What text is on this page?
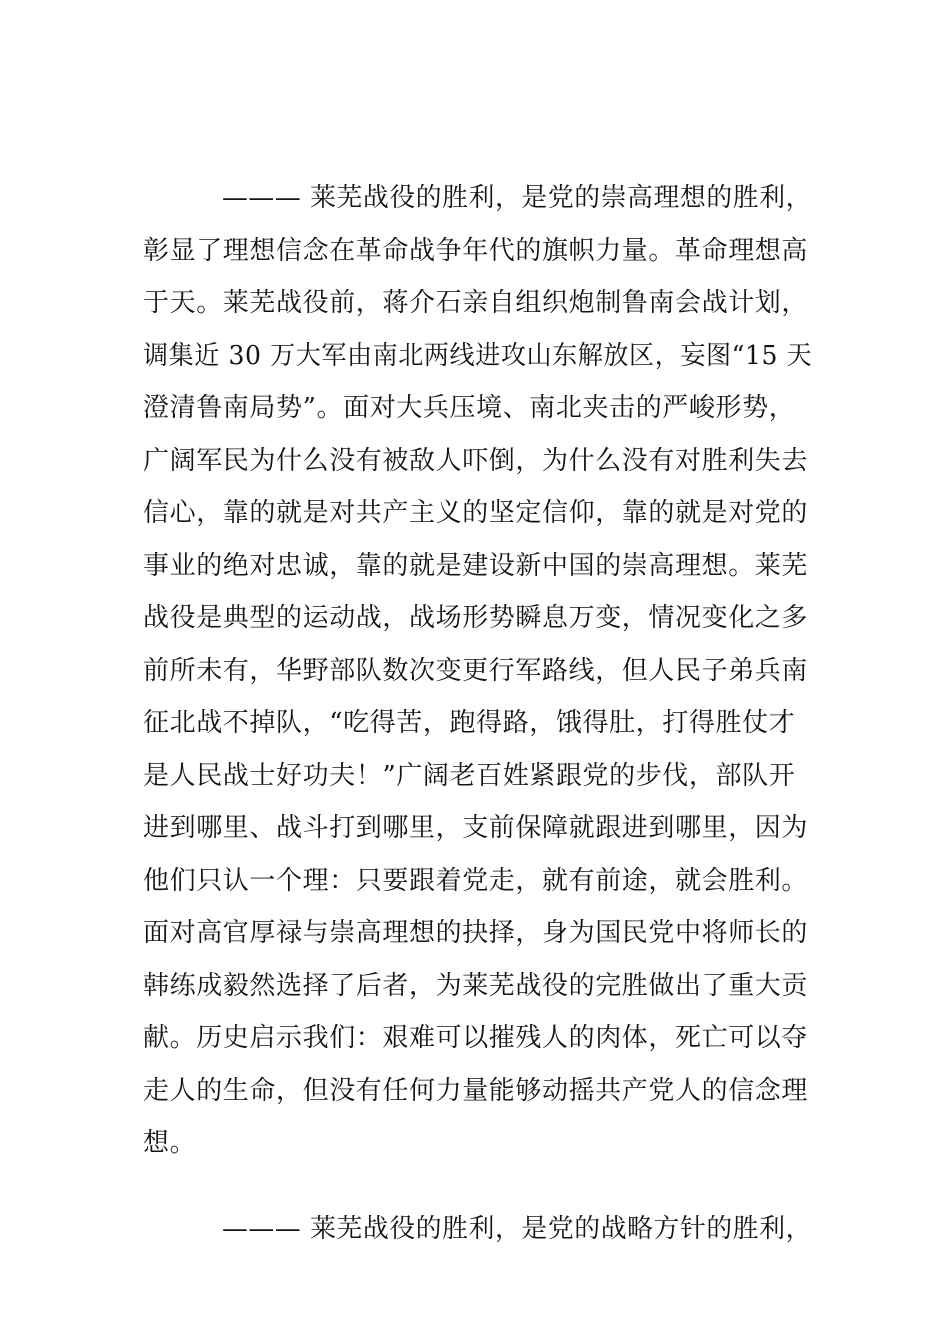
——— 莱芜战役的胜利，是党的崇高理想的胜利，
彰显了理想信念在革命战争年代的旗帜力量。革命理想高
于天。莱芜战役前，蒋介石亲自组织炮制鲁南会战计划，
调集近 30 万大军由南北两线进攻山东解放区，妄图“15 天
澄清鲁南局势”。面对大兵压境、南北夹击的严峻形势，
广阔军民为什么没有被敌人吓倒，为什么没有对胜利失去
信心，靠的就是对共产主义的坚定信仰，靠的就是对党的
事业的绝对忠诚，靠的就是建设新中国的崇高理想。莱芜
战役是典型的运动战，战场形势瞬息万变，情况变化之多
前所未有，华野部队数次变更行军路线，但人民子弟兵南
征北战不掉队，“吃得苦，跑得路，饿得肚，打得胜仗才
是人民战士好功夫！”广阔老百姓紧跟党的步伐，部队开
进到哪里、战斗打到哪里，支前保障就跟进到哪里，因为
他们只认一个理：只要跟着党走，就有前途，就会胜利。
面对高官厚禄与崇高理想的抉择，身为国民党中将师长的
韩练成毅然选择了后者，为莱芜战役的完胜做出了重大贡
献。历史启示我们：艰难可以摧残人的肉体，死亡可以夺
走人的生命，但没有任何力量能够动摇共产党人的信念理
想。
——— 莱芜战役的胜利，是党的战略方针的胜利，
